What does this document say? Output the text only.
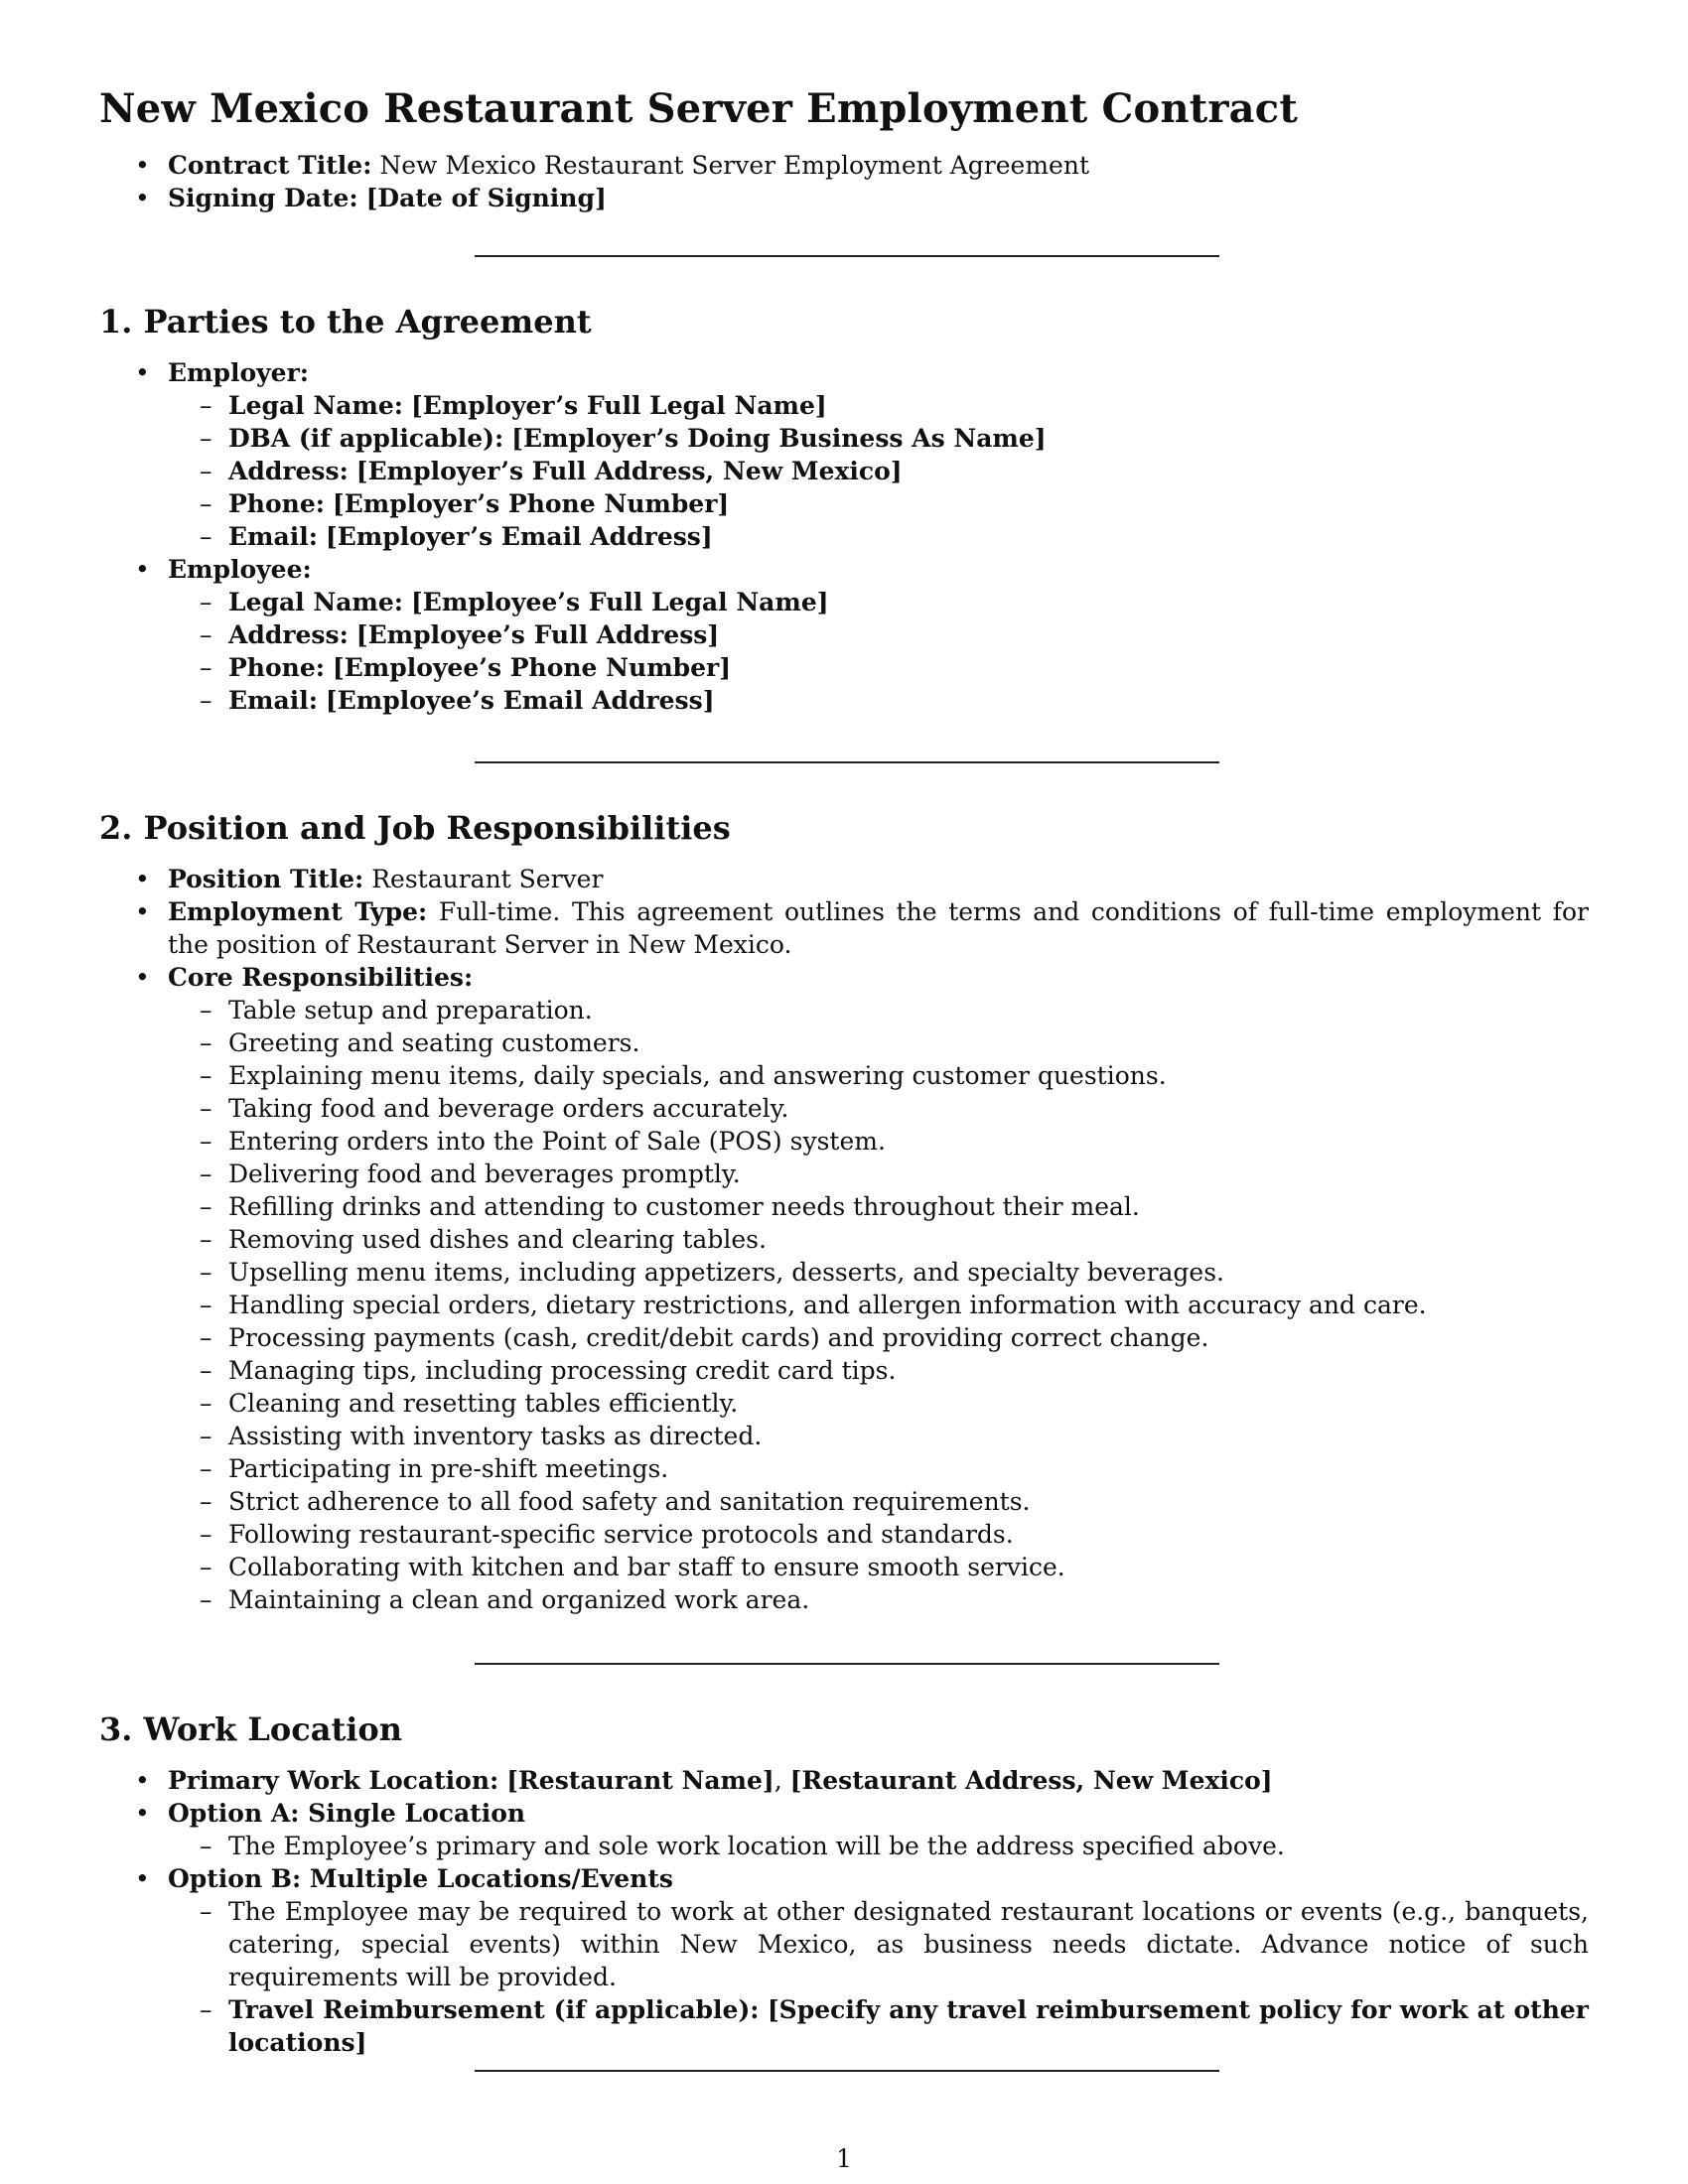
New Mexico Restaurant Server Employment Contract
• Contract Title: New Mexico Restaurant Server Employment Agreement
• Signing Date: [Date of Signing]
1. Parties to the Agreement
• Employer:
– Legal Name: [Employer’s Full Legal Name]
– DBA (if applicable): [Employer’s Doing Business As Name]
– Address: [Employer’s Full Address, New Mexico]
– Phone: [Employer’s Phone Number]
– Email: [Employer’s Email Address]
• Employee:
– Legal Name: [Employee’s Full Legal Name]
– Address: [Employee’s Full Address]
– Phone: [Employee’s Phone Number]
– Email: [Employee’s Email Address]
2. Position and Job Responsibilities
• Position Title: Restaurant Server
• Employment Type: Full-time. This agreement outlines the terms and conditions of full-time employment for the position of Restaurant Server in New Mexico.
• Core Responsibilities:
– Table setup and preparation.
– Greeting and seating customers.
– Explaining menu items, daily specials, and answering customer questions.
– Taking food and beverage orders accurately.
– Entering orders into the Point of Sale (POS) system.
– Delivering food and beverages promptly.
– Refilling drinks and attending to customer needs throughout their meal.
– Removing used dishes and clearing tables.
– Upselling menu items, including appetizers, desserts, and specialty beverages.
– Handling special orders, dietary restrictions, and allergen information with accuracy and care.
– Processing payments (cash, credit/debit cards) and providing correct change.
– Managing tips, including processing credit card tips.
– Cleaning and resetting tables efficiently.
– Assisting with inventory tasks as directed.
– Participating in pre-shift meetings.
– Strict adherence to all food safety and sanitation requirements.
– Following restaurant-specific service protocols and standards.
– Collaborating with kitchen and bar staff to ensure smooth service.
– Maintaining a clean and organized work area.
3. Work Location
• Primary Work Location: [Restaurant Name], [Restaurant Address, New Mexico]
• Option A: Single Location
– The Employee’s primary and sole work location will be the address specified above.
• Option B: Multiple Locations/Events
– The Employee may be required to work at other designated restaurant locations or events (e.g., banquets, catering, special events) within New Mexico, as business needs dictate. Advance notice of such requirements will be provided.
– Travel Reimbursement (if applicable): [Specify any travel reimbursement policy for work at other locations]
1
